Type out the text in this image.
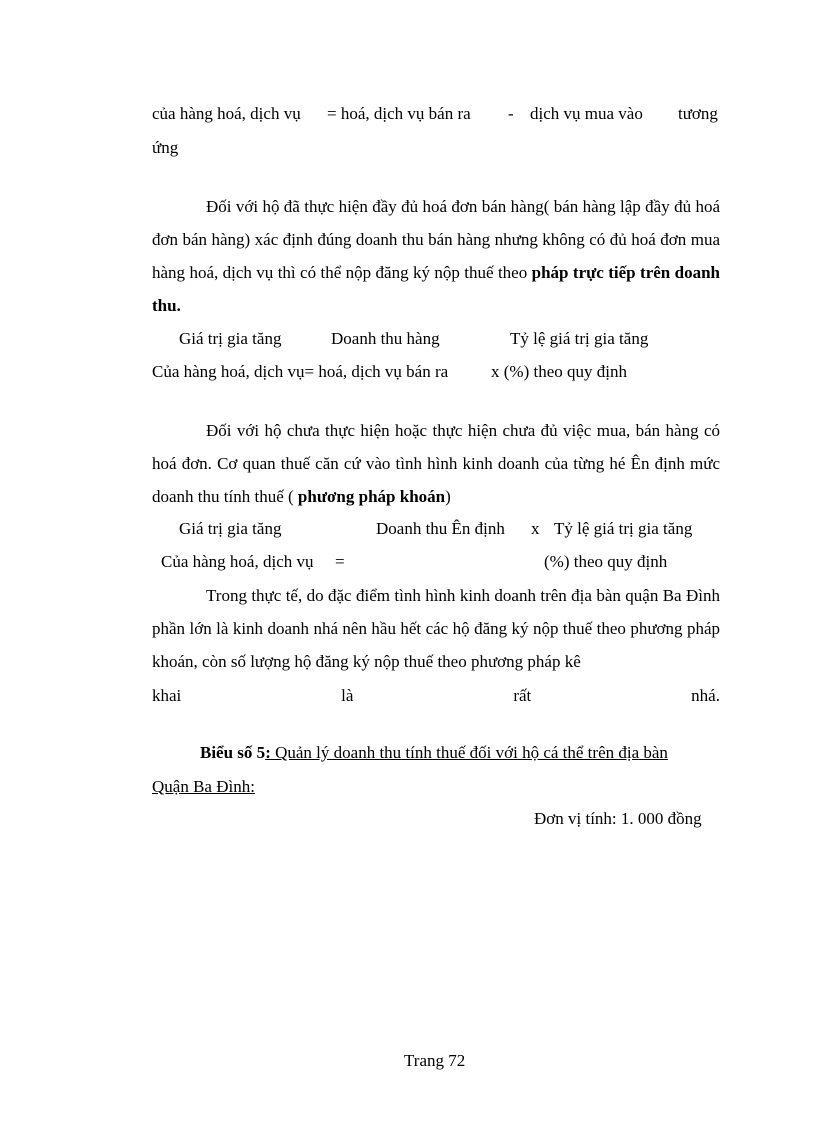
của hàng hoá, dịch vụ = hoá, dịch vụ bán ra - dịch vụ mua vào tương
ứng
Đối với hộ đã thực hiện đầy đủ hoá đơn bán hàng( bán hàng lập đầy đủ hoá đơn bán hàng) xác định đúng doanh thu bán hàng nhưng không có đủ hoá đơn mua hàng hoá, dịch vụ thì có thể nộp đăng ký nộp thuế theo pháp trực tiếp trên doanh thu.
Giá trị gia tăng	Doanh thu hàng	Tỷ lệ giá trị gia tăng
Của hàng hoá, dịch vụ= hoá, dịch vụ bán ra	x (%) theo quy định
Đối với hộ chưa thực hiện hoặc thực hiện chưa đủ việc mua, bán hàng có hoá đơn. Cơ quan thuế căn cứ vào tình hình kinh doanh của từng hé Ên định mức doanh thu tính thuế ( phương pháp khoán)
Giá trị gia tăng	Doanh thu Ên định x Tỷ lệ giá trị gia tăng
Của hàng hoá, dịch vụ =	(%) theo quy định
Trong thực tế, do đặc điểm tình hình kinh doanh trên địa bàn quận Ba Đình phần lớn là kinh doanh nhá nên hầu hết các hộ đăng ký nộp thuế theo phương pháp khoán, còn số lượng hộ đăng ký nộp thuế theo phương pháp kê
khai	là	rất	nhá.
Biểu số 5: Quản lý doanh thu tính thuế đối với hộ cá thể trên địa bàn
Quận Ba Đình:
Đơn vị tính: 1. 000 đồng
Trang 72
